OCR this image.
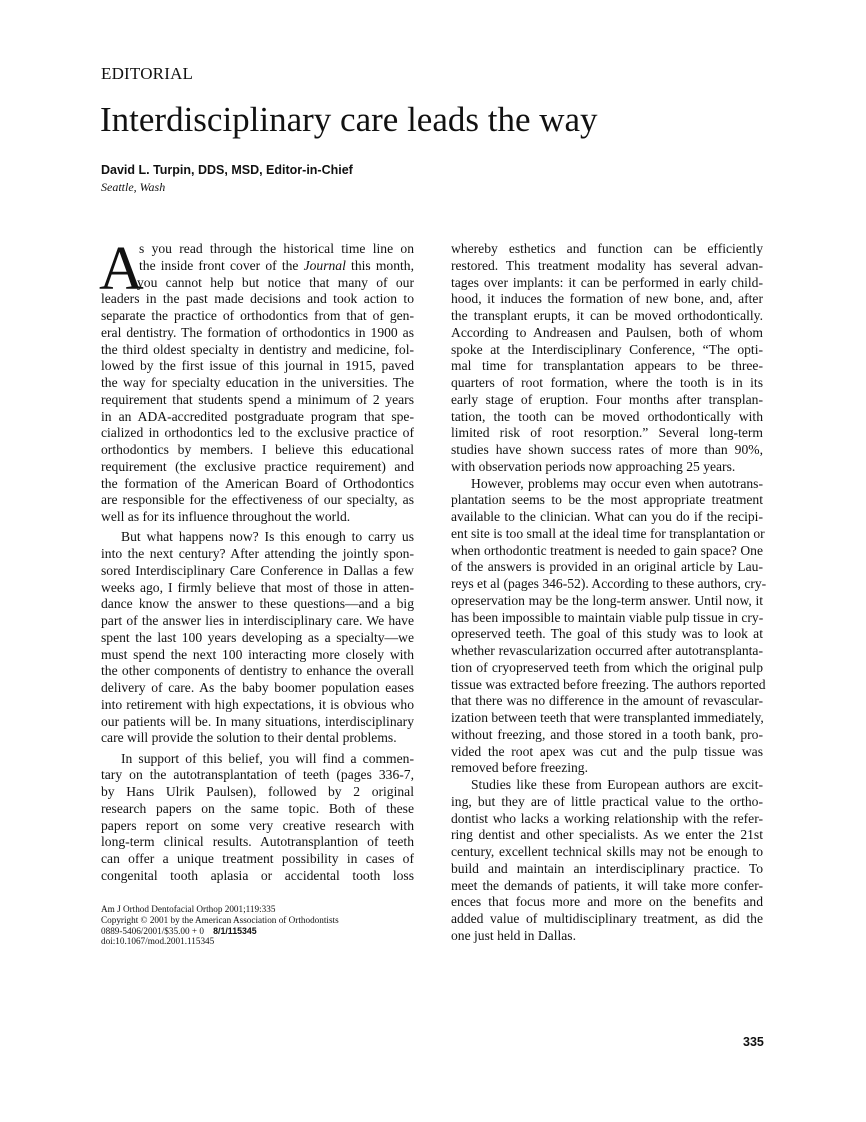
EDITORIAL
Interdisciplinary care leads the way
David L. Turpin, DDS, MSD, Editor-in-Chief
Seattle, Wash
A
s you read through the historical time line on
the inside front cover of the Journal this month,
you cannot help but notice that many of our
leaders in the past made decisions and took action to
separate the practice of orthodontics from that of gen-
eral dentistry. The formation of orthodontics in 1900 as
the third oldest specialty in dentistry and medicine, fol-
lowed by the first issue of this journal in 1915, paved
the way for specialty education in the universities. The
requirement that students spend a minimum of 2 years
in an ADA-accredited postgraduate program that spe-
cialized in orthodontics led to the exclusive practice of
orthodontics by members. I believe this educational
requirement (the exclusive practice requirement) and
the formation of the American Board of Orthodontics
are responsible for the effectiveness of our specialty, as
well as for its influence throughout the world.
But what happens now? Is this enough to carry us
into the next century? After attending the jointly spon-
sored Interdisciplinary Care Conference in Dallas a few
weeks ago, I firmly believe that most of those in atten-
dance know the answer to these questions—and a big
part of the answer lies in interdisciplinary care. We have
spent the last 100 years developing as a specialty—we
must spend the next 100 interacting more closely with
the other components of dentistry to enhance the overall
delivery of care. As the baby boomer population eases
into retirement with high expectations, it is obvious who
our patients will be. In many situations, interdisciplinary
care will provide the solution to their dental problems.
In support of this belief, you will find a commen-
tary on the autotransplantation of teeth (pages 336-7,
by Hans Ulrik Paulsen), followed by 2 original
research papers on the same topic. Both of these
papers report on some very creative research with
long-term clinical results. Autotransplantion of teeth
can offer a unique treatment possibility in cases of
congenital tooth aplasia or accidental tooth loss
whereby esthetics and function can be efficiently
restored. This treatment modality has several advan-
tages over implants: it can be performed in early child-
hood, it induces the formation of new bone, and, after
the transplant erupts, it can be moved orthodontically.
According to Andreasen and Paulsen, both of whom
spoke at the Interdisciplinary Conference, “The opti-
mal time for transplantation appears to be three-
quarters of root formation, where the tooth is in its
early stage of eruption. Four months after transplan-
tation, the tooth can be moved orthodontically with
limited risk of root resorption.” Several long-term
studies have shown success rates of more than 90%,
with observation periods now approaching 25 years.
However, problems may occur even when autotrans-
plantation seems to be the most appropriate treatment
available to the clinician. What can you do if the recipi-
ent site is too small at the ideal time for transplantation or
when orthodontic treatment is needed to gain space? One
of the answers is provided in an original article by Lau-
reys et al (pages 346-52). According to these authors, cry-
opreservation may be the long-term answer. Until now, it
has been impossible to maintain viable pulp tissue in cry-
opreserved teeth. The goal of this study was to look at
whether revascularization occurred after autotransplanta-
tion of cryopreserved teeth from which the original pulp
tissue was extracted before freezing. The authors reported
that there was no difference in the amount of revascular-
ization between teeth that were transplanted immediately,
without freezing, and those stored in a tooth bank, pro-
vided the root apex was cut and the pulp tissue was
removed before freezing.
Studies like these from European authors are excit-
ing, but they are of little practical value to the ortho-
dontist who lacks a working relationship with the refer-
ring dentist and other specialists. As we enter the 21st
century, excellent technical skills may not be enough to
build and maintain an interdisciplinary practice. To
meet the demands of patients, it will take more confer-
ences that focus more and more on the benefits and
added value of multidisciplinary treatment, as did the
one just held in Dallas.
Am J Orthod Dentofacial Orthop 2001;119:335
Copyright © 2001 by the American Association of Orthodontists
0889-5406/2001/$35.00 + 0 8/1/115345
doi:10.1067/mod.2001.115345
335
